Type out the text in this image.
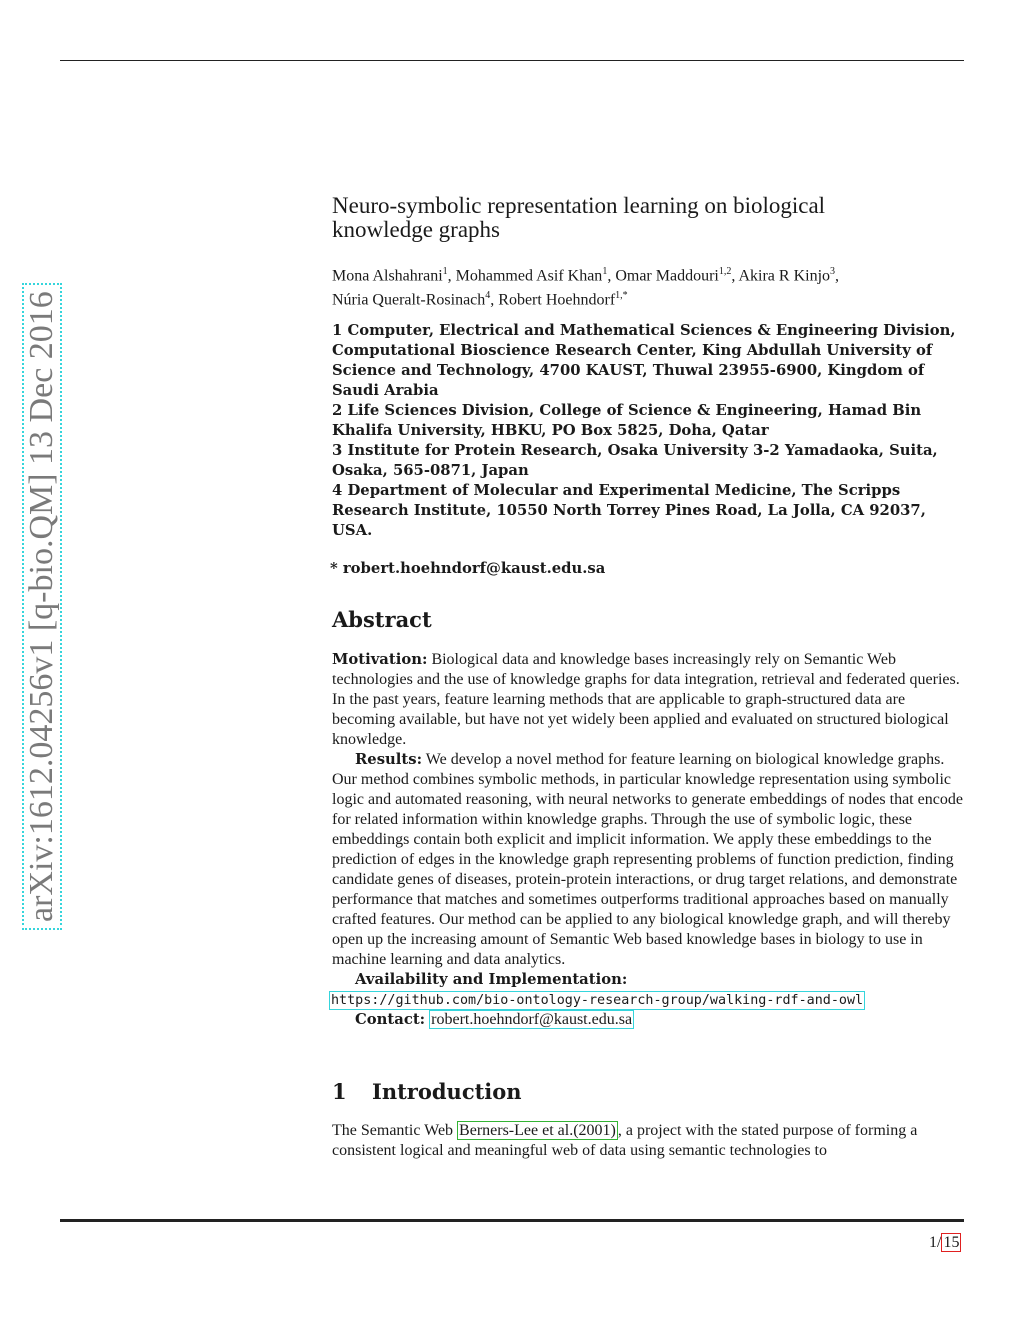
arXiv:1612.04256v1 [q-bio.QM] 13 Dec 2016
Neuro-symbolic representation learning on biological
knowledge graphs
Mona Alshahrani$^1$, Mohammed Asif Khan$^1$, Omar Maddouri$^{1,2}$, Akira R Kinjo$^3$,
Núria Queralt-Rosinach$^4$, Robert Hoehndorf$^{1,*}$

1 Computer, Electrical and Mathematical Sciences & Engineering Division, Computational Bioscience Research Center, King Abdullah University of Science and Technology, 4700 KAUST, Thuwal 23955-6900, Kingdom of Saudi Arabia

2 Life Sciences Division, College of Science & Engineering, Hamad Bin Khalifa University, HBKU, PO Box 5825, Doha, Qatar

3 Institute for Protein Research, Osaka University 3-2 Yamadaoka, Suita, Osaka, 565-0871, Japan

4 Department of Molecular and Experimental Medicine, The Scripps Research Institute, 10550 North Torrey Pines Road, La Jolla, CA 92037, USA.

* robert.hoehndorf@kaust.edu.sa
Abstract

Motivation: Biological data and knowledge bases increasingly rely on Semantic Web technologies and the use of knowledge graphs for data integration, retrieval and federated queries. In the past years, feature learning methods that are applicable to graph-structured data are becoming available, but have not yet widely been applied and evaluated on structured biological knowledge.

Results: We develop a novel method for feature learning on biological knowledge graphs. Our method combines symbolic methods, in particular knowledge representation using symbolic logic and automated reasoning, with neural networks to generate embeddings of nodes that encode for related information within knowledge graphs. Through the use of symbolic logic, these embeddings contain both explicit and implicit information. We apply these embeddings to the prediction of edges in the knowledge graph representing problems of function prediction, finding candidate genes of diseases, protein-protein interactions, or drug target relations, and demonstrate performance that matches and sometimes outperforms traditional approaches based on manually crafted features. Our method can be applied to any biological knowledge graph, and will thereby open up the increasing amount of Semantic Web based knowledge bases in biology to use in machine learning and data analytics.

Availability and Implementation:

https://github.com/bio-ontology-research-group/walking-rdf-and-owl

Contact: robert.hoehndorf@kaust.edu.sa

1 Introduction
The Semantic Web Berners-Lee et al.(2001) , a project with the stated purpose of forming a consistent logical and meaningful web of data using semantic technologies to
1/ 15
